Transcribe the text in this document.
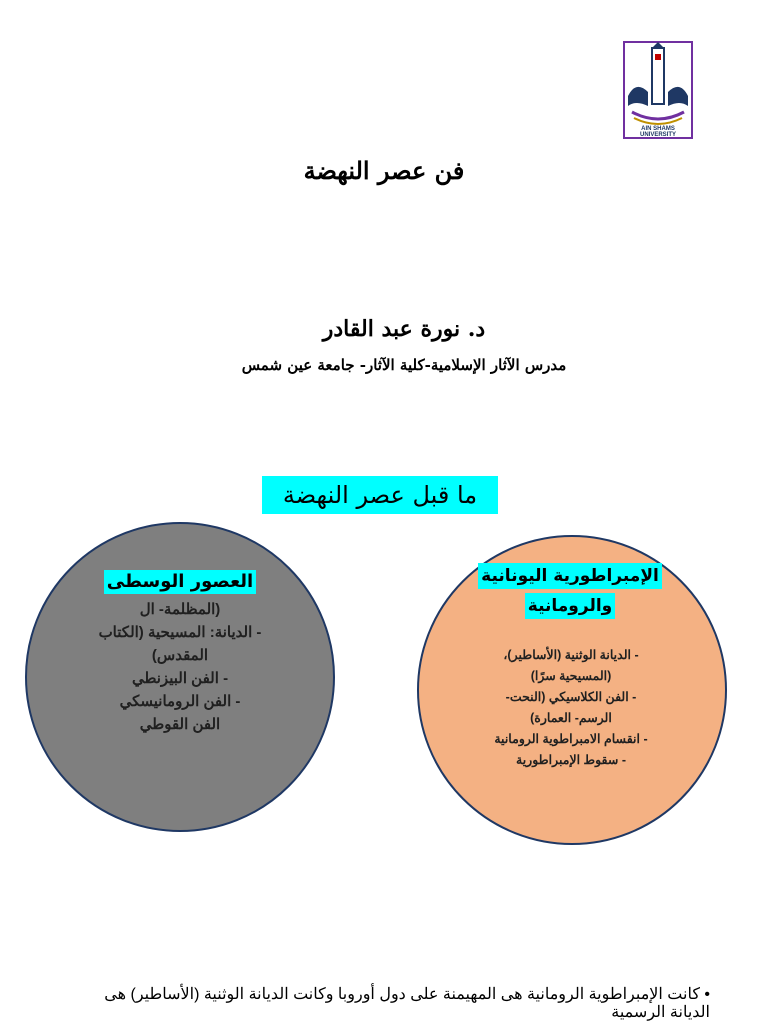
AIN SHAMS UNIVERSITY
فن عصر النهضة
د. نورة عبد القادر
مدرس الآثار الإسلامية-كلية الآثار- جامعة عين شمس
ما قبل عصر النهضة
العصور الوسطى
(المظلمة- ال
- الديانة: المسيحية (الكتاب
المقدس)
- الفن البيزنطي
- الفن الرومانيسكي
الفن القوطي
الإمبراطورية اليونانية
والرومانية
- الديانة الوثنية (الأساطير)،
(المسيحية سرًا)
- الفن الكلاسيكي (النحت-
الرسم- العمارة)
- انقسام الامبراطوية الرومانية
- سقوط الإمبراطورية
• كانت الإمبراطوية الرومانية هى المهيمنة على دول أوروبا وكانت الديانة الوثنية (الأساطير) هى الديانة الرسمية
